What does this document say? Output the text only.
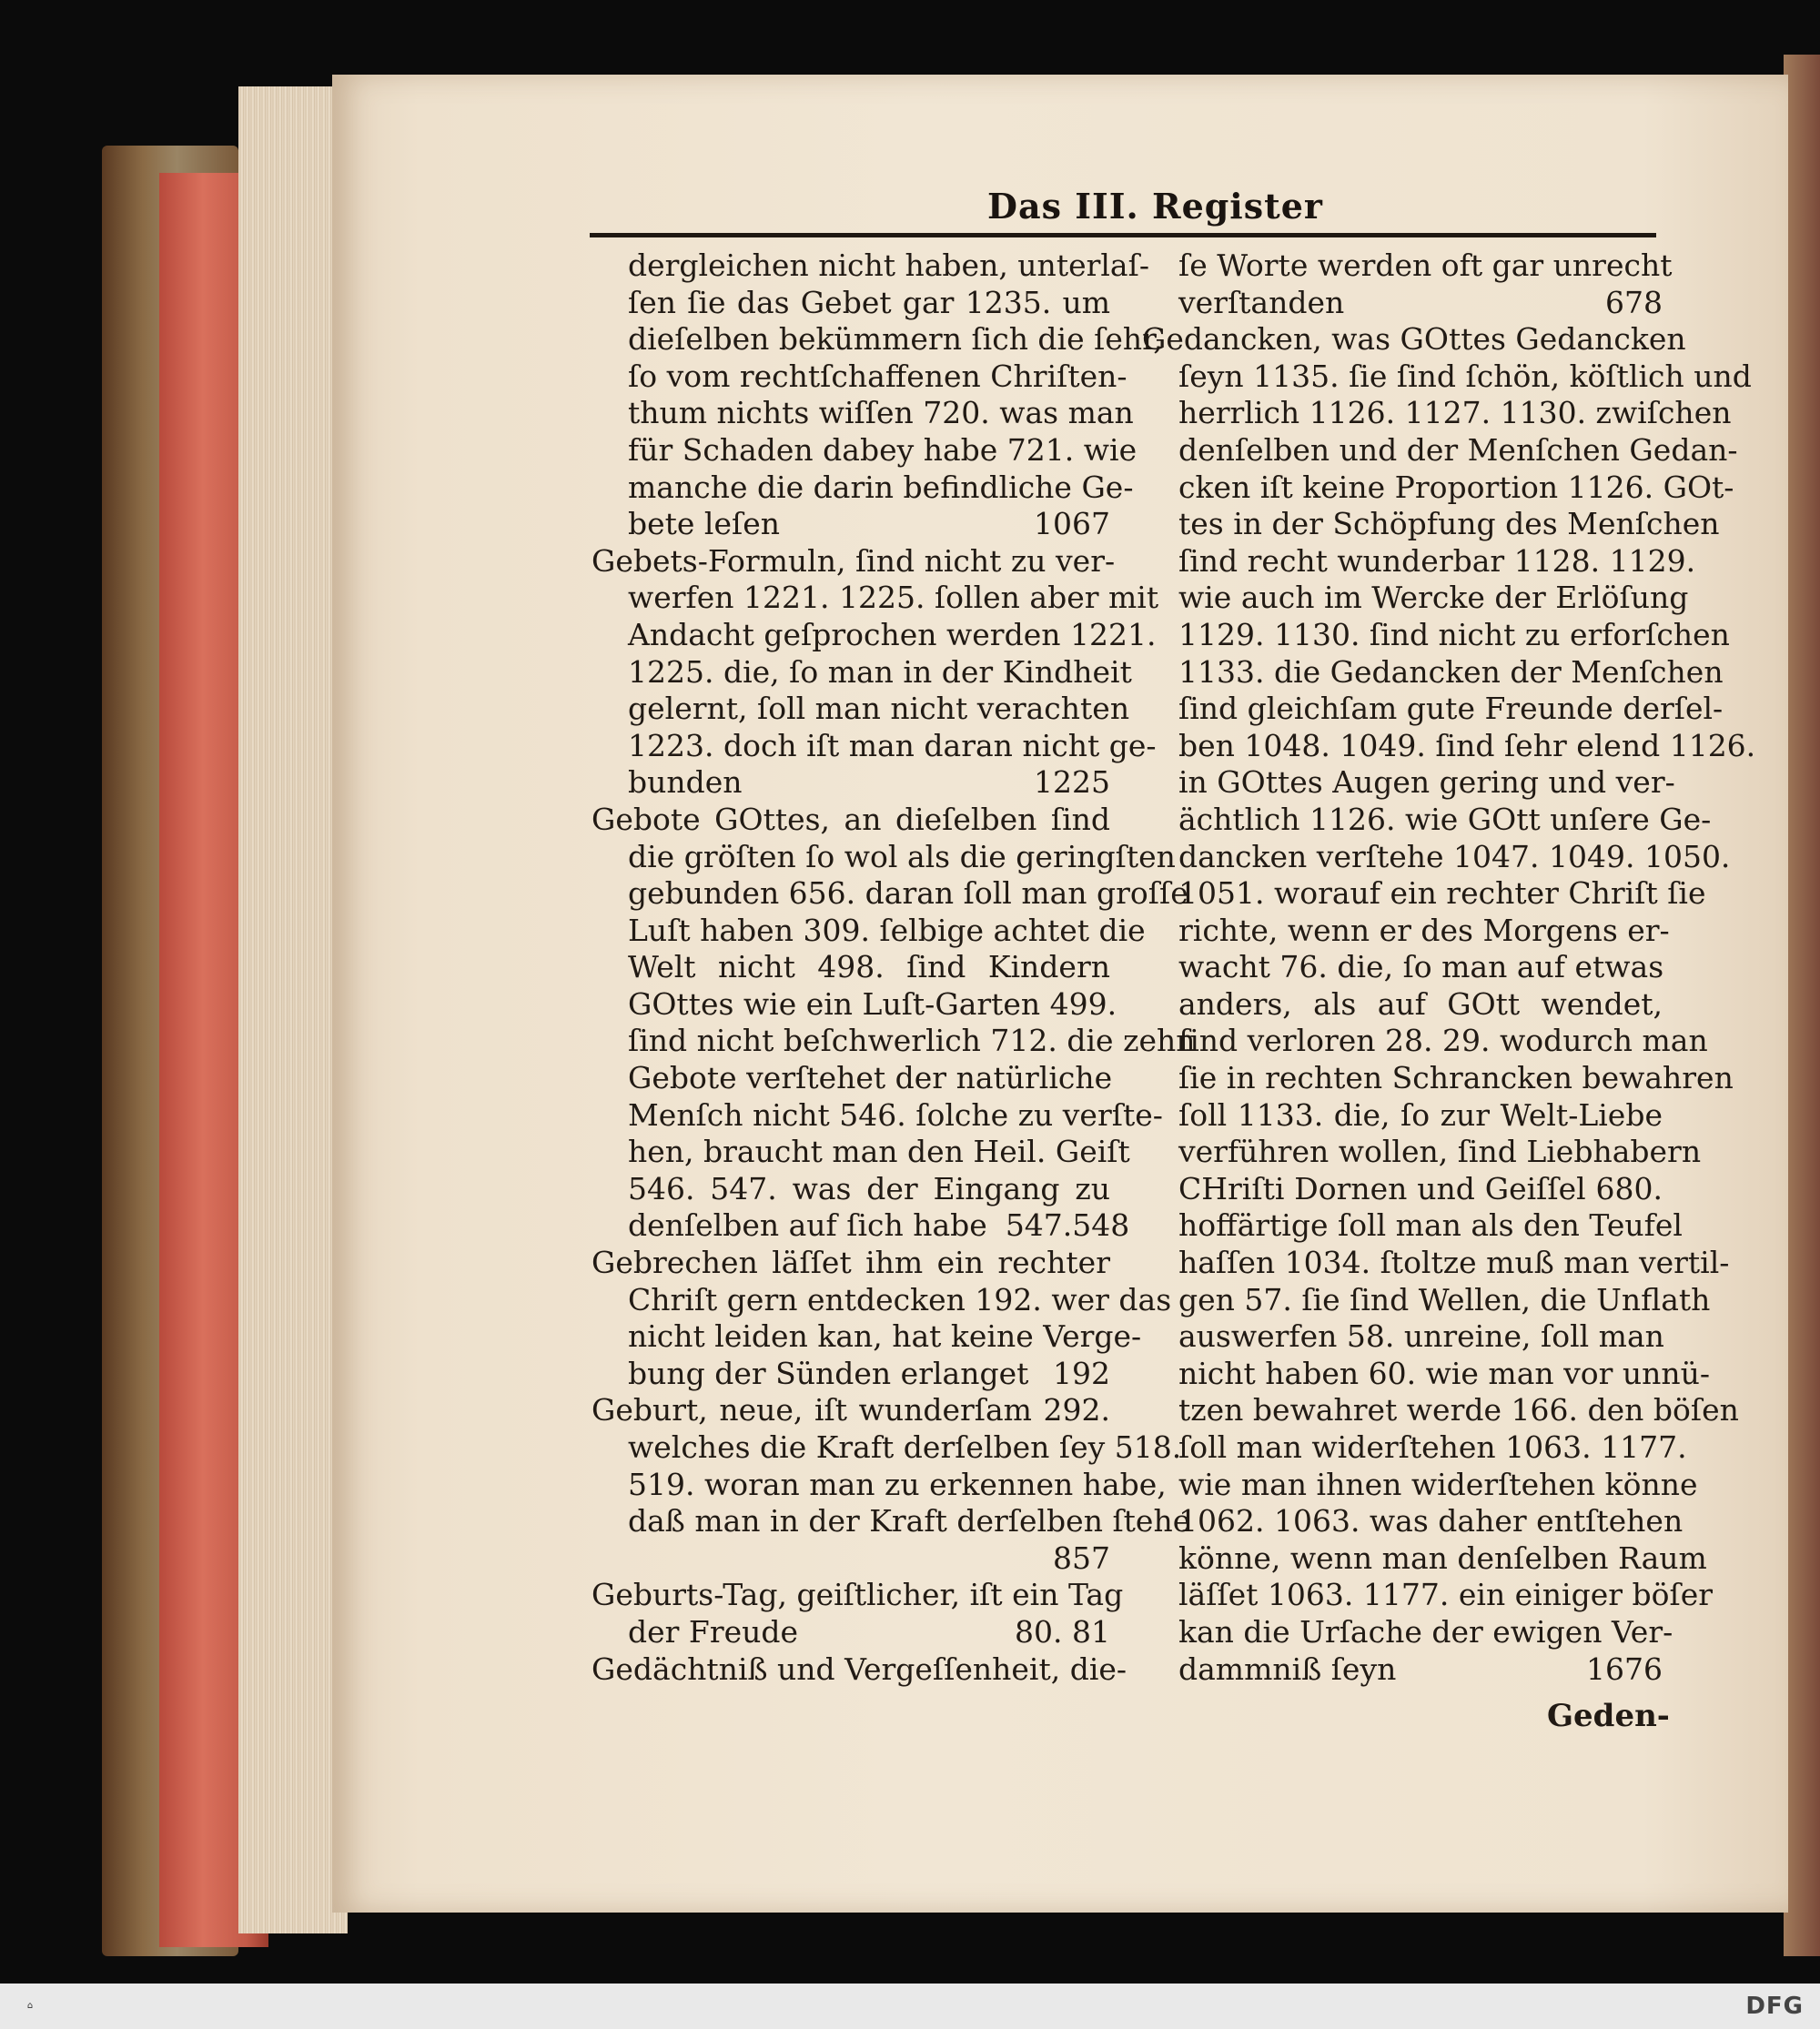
Das III. Register
dergleichen nicht haben, unterlaſ-
ſen ſie das Gebet gar 1235. um
dieſelben bekümmern ſich die ſehr,
ſo vom rechtſchaffenen Chriſten-
thum nichts wiſſen 720. was man
für Schaden dabey habe 721. wie
manche die darin befindliche Ge-
bete leſen	1067
Gebets-Formuln, ſind nicht zu ver-
werfen 1221. 1225. ſollen aber mit
Andacht geſprochen werden 1221.
1225. die, ſo man in der Kindheit
gelernt, ſoll man nicht verachten
1223. doch iſt man daran nicht ge-
bunden	1225
Gebote GOttes, an dieſelben ſind
die gröſten ſo wol als die geringſten
gebunden 656. daran ſoll man groſſe
Luſt haben 309. ſelbige achtet die
Welt nicht 498. ſind Kindern
GOttes wie ein Luſt-Garten 499.
ſind nicht beſchwerlich 712. die zehn
Gebote verſtehet der natürliche
Menſch nicht 546. ſolche zu verſte-
hen, braucht man den Heil. Geiſt
546. 547. was der Eingang zu
denſelben auf ſich habe 547.548
Gebrechen läſſet ihm ein rechter
Chriſt gern entdecken 192. wer das
nicht leiden kan, hat keine Verge-
bung der Sünden erlanget 192
Geburt, neue, iſt wunderſam 292.
welches die Kraft derſelben ſey 518.
519. woran man zu erkennen habe,
daß man in der Kraft derſelben ſtehe
857
Geburts-Tag, geiſtlicher, iſt ein Tag
der Freude	80. 81
Gedächtniß und Vergeſſenheit, die-
ſe Worte werden oft gar unrecht
verſtanden	678
Gedancken, was GOttes Gedancken
ſeyn 1135. ſie ſind ſchön, köſtlich und
herrlich 1126. 1127. 1130. zwiſchen
denſelben und der Menſchen Gedan-
cken iſt keine Proportion 1126. GOt-
tes in der Schöpfung des Menſchen
ſind recht wunderbar 1128. 1129.
wie auch im Wercke der Erlöſung
1129. 1130. ſind nicht zu erforſchen
1133. die Gedancken der Menſchen
ſind gleichſam gute Freunde derſel-
ben 1048. 1049. ſind ſehr elend 1126.
in GOttes Augen gering und ver-
ächtlich 1126. wie GOtt unſere Ge-
dancken verſtehe 1047. 1049. 1050.
1051. worauf ein rechter Chriſt ſie
richte, wenn er des Morgens er-
wacht 76. die, ſo man auf etwas
anders, als auf GOtt wendet,
ſind verloren 28. 29. wodurch man
ſie in rechten Schrancken bewahren
ſoll 1133. die, ſo zur Welt-Liebe
verführen wollen, ſind Liebhabern
CHriſti Dornen und Geiſſel 680.
hoffärtige ſoll man als den Teufel
haſſen 1034. ſtoltze muß man vertil-
gen 57. ſie ſind Wellen, die Unflath
auswerfen 58. unreine, ſoll man
nicht haben 60. wie man vor unnü-
tzen bewahret werde 166. den böſen
ſoll man widerſtehen 1063. 1177.
wie man ihnen widerſtehen könne
1062. 1063. was daher entſtehen
könne, wenn man denſelben Raum
läſſet 1063. 1177. ein einiger böſer
kan die Urſache der ewigen Ver-
dammniß ſeyn	1676
Geden-
⌂	DFG
